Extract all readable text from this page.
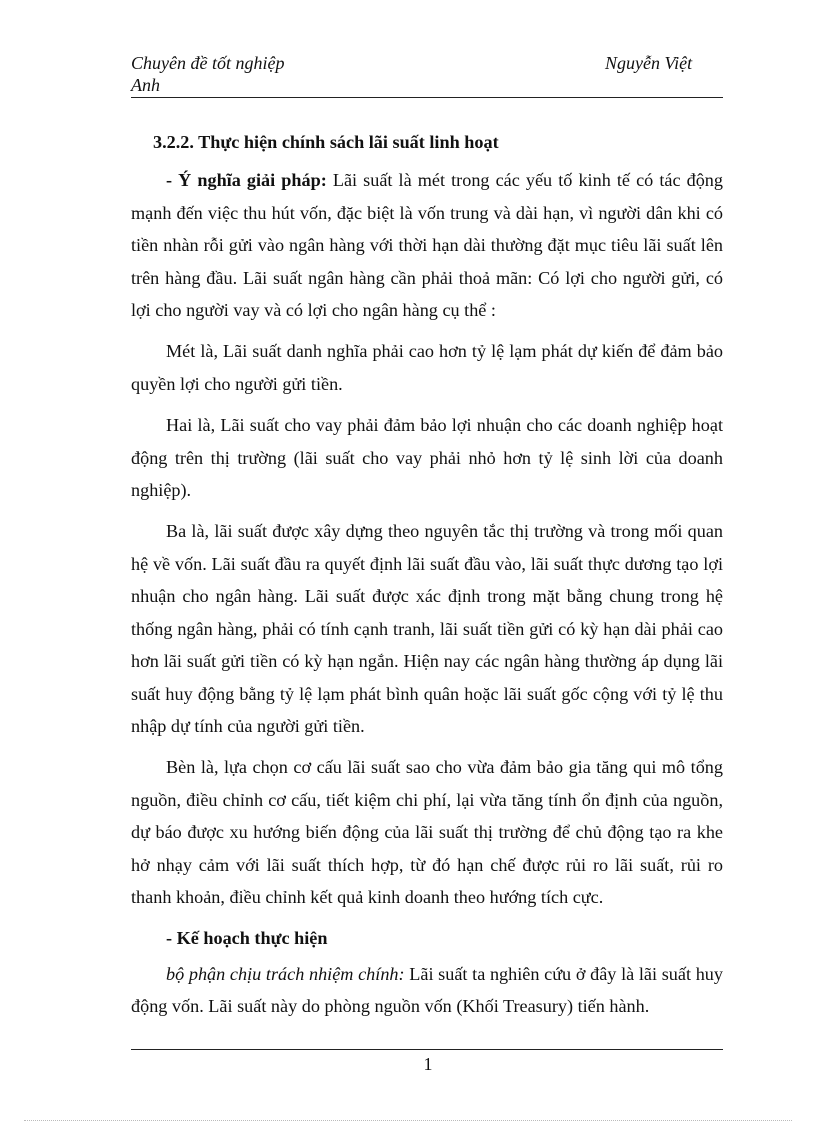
Chuyên đề tốt nghiệp	Nguyễn Việt
Anh
3.2.2. Thực hiện chính sách lãi suất linh hoạt

- Ý nghĩa giải pháp: Lãi suất là mét trong các yếu tố kinh tế có tác động mạnh đến việc thu hút vốn, đặc biệt là vốn trung và dài hạn, vì người dân khi có tiền nhàn rỗi gửi vào ngân hàng với thời hạn dài thường đặt mục tiêu lãi suất lên trên hàng đầu. Lãi suất ngân hàng cần phải thoả mãn: Có lợi cho người gửi, có lợi cho người vay và có lợi cho ngân hàng cụ thể :

Mét là, Lãi suất danh nghĩa phải cao hơn tỷ lệ lạm phát dự kiến để đảm bảo quyền lợi cho người gửi tiền.

Hai là, Lãi suất cho vay phải đảm bảo lợi nhuận cho các doanh nghiệp hoạt động trên thị trường (lãi suất cho vay phải nhỏ hơn tỷ lệ sinh lời của doanh nghiệp).

Ba là, lãi suất được xây dựng theo nguyên tắc thị trường và trong mối quan hệ về vốn. Lãi suất đầu ra quyết định lãi suất đầu vào, lãi suất thực dương tạo lợi nhuận cho ngân hàng. Lãi suất được xác định trong mặt bằng chung trong hệ thống ngân hàng, phải có tính cạnh tranh, lãi suất tiền gửi có kỳ hạn dài phải cao hơn lãi suất gửi tiền có kỳ hạn ngắn. Hiện nay các ngân hàng thường áp dụng lãi suất huy động bằng tỷ lệ lạm phát bình quân hoặc lãi suất gốc cộng với tỷ lệ thu nhập dự tính của người gửi tiền.

Bèn là, lựa chọn cơ cấu lãi suất sao cho vừa đảm bảo gia tăng qui mô tổng nguồn, điều chỉnh cơ cấu, tiết kiệm chi phí, lại vừa tăng tính ổn định của nguồn, dự báo được xu hướng biến động của lãi suất thị trường để chủ động tạo ra khe hở nhạy cảm với lãi suất thích hợp, từ đó hạn chế được rủi ro lãi suất, rủi ro thanh khoản, điều chỉnh kết quả kinh doanh theo hướng tích cực.

- Kế hoạch thực hiện

bộ phận chịu trách nhiệm chính: Lãi suất ta nghiên cứu ở đây là lãi suất huy động vốn. Lãi suất này do phòng nguồn vốn (Khối Treasury) tiến hành.

1
